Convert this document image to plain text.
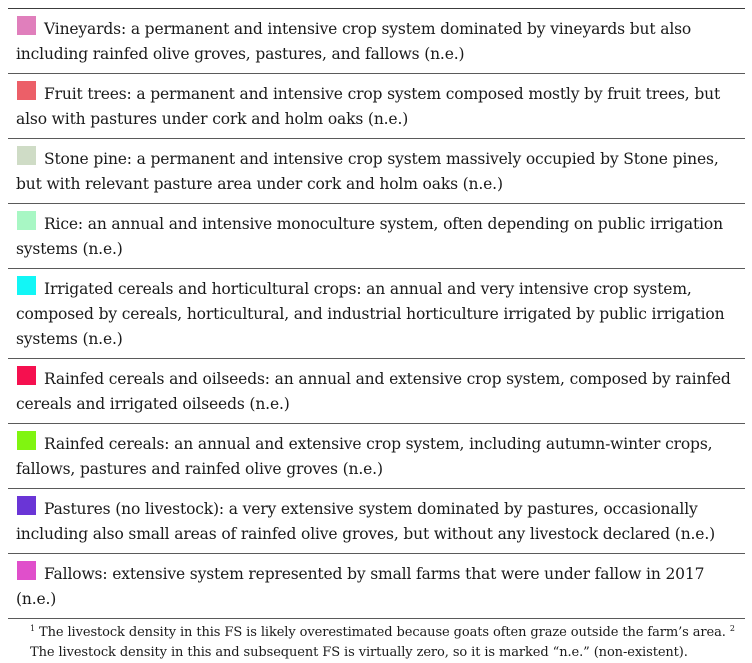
Vineyards: a permanent and intensive crop system dominated by vineyards but also including rainfed olive groves, pastures, and fallows (n.e.)
Fruit trees: a permanent and intensive crop system composed mostly by fruit trees, but also with pastures under cork and holm oaks (n.e.)
Stone pine: a permanent and intensive crop system massively occupied by Stone pines, but with relevant pasture area under cork and holm oaks (n.e.)
Rice: an annual and intensive monoculture system, often depending on public irrigation systems (n.e.)
Irrigated cereals and horticultural crops: an annual and very intensive crop system, composed by cereals, horticultural, and industrial horticulture irrigated by public irrigation systems (n.e.)
Rainfed cereals and oilseeds: an annual and extensive crop system, composed by rainfed cereals and irrigated oilseeds (n.e.)
Rainfed cereals: an annual and extensive crop system, including autumn-winter crops, fallows, pastures and rainfed olive groves (n.e.)
Pastures (no livestock): a very extensive system dominated by pastures, occasionally including also small areas of rainfed olive groves, but without any livestock declared (n.e.)
Fallows: extensive system represented by small farms that were under fallow in 2017 (n.e.)
$^1$ The livestock density in this FS is likely overestimated because goats often graze outside the farm’s area. $^2$ The livestock density in this and subsequent FS is virtually zero, so it is marked “n.e.” (non-existent).
